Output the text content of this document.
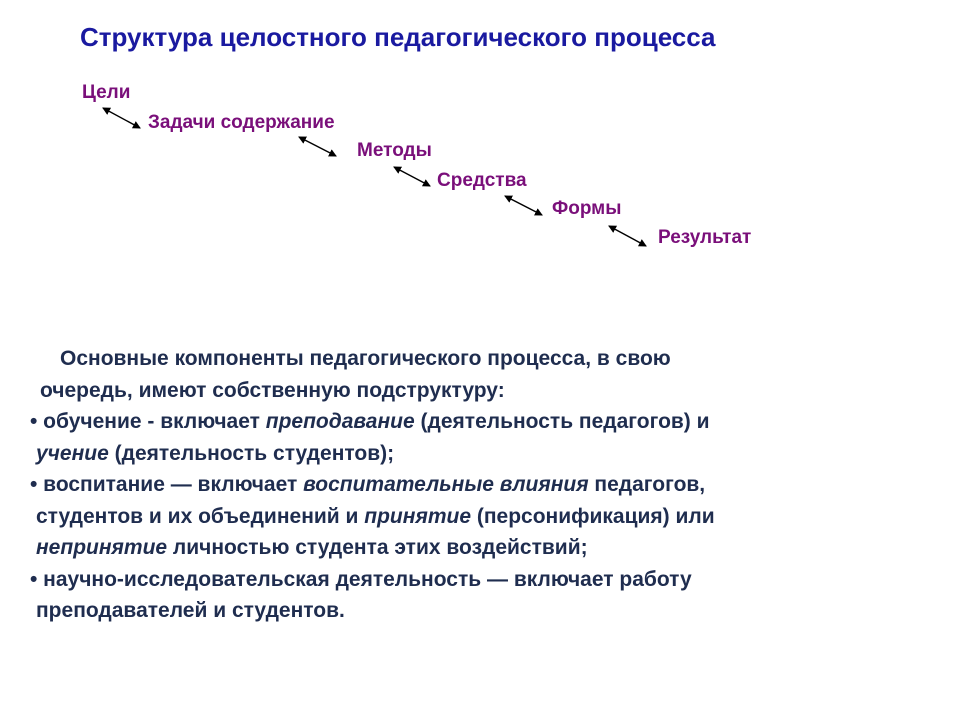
Структура целостного педагогического процесса
Цели
Задачи содержание
Методы
Средства
Формы
Результат
Основные компоненты педагогического процесса, в свою
очередь, имеют собственную подструктуру:
• обучение - включает преподавание (деятельность педагогов) и
учение (деятельность студентов);
• воспитание — включает воспитательные влияния педагогов,
студентов и их объединений и принятие (персонификация) или
непринятие личностью студента этих воздействий;
• научно-исследовательская деятельность — включает работу
преподавателей и студентов.
